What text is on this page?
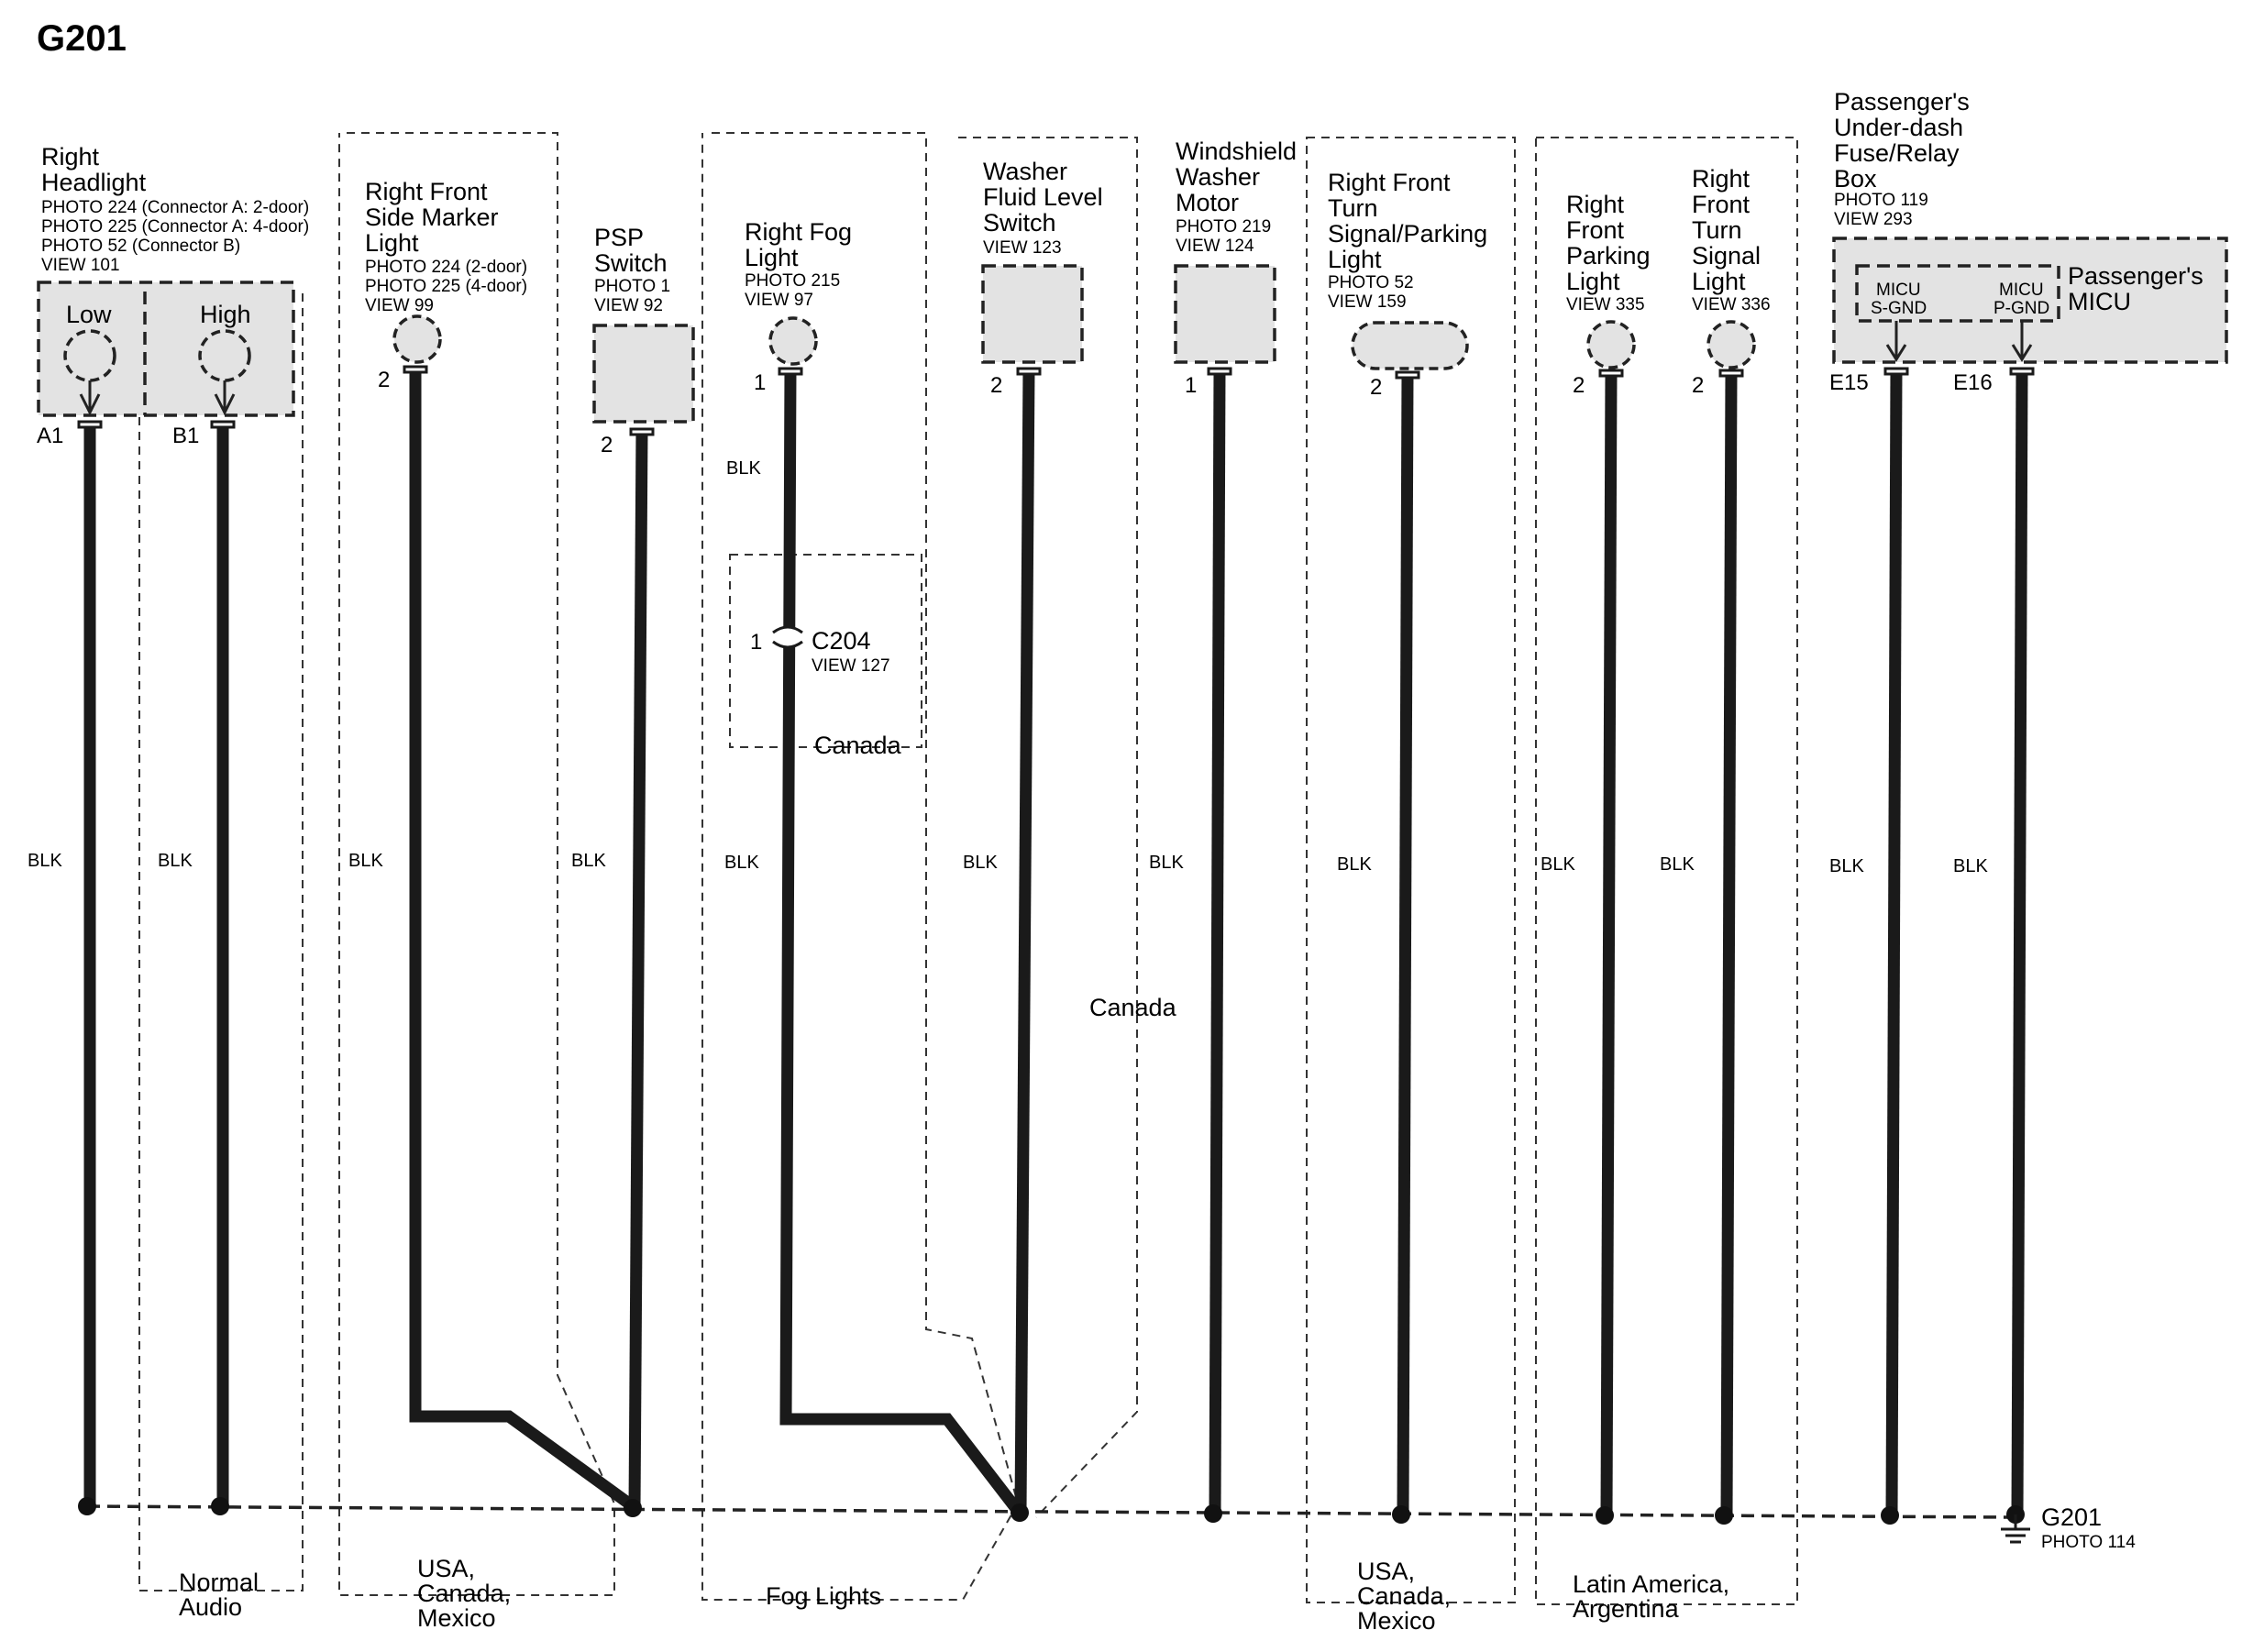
G201
Right
Headlight
PHOTO 224 (Connector A: 2-door)
PHOTO 225 (Connector A: 4-door)
PHOTO 52 (Connector B)
VIEW 101
Low	High
A1	B1
Right Front
Side Marker
Light
PHOTO 224 (2-door)
PHOTO 225 (4-door)
VIEW 99
2
PSP
Switch
PHOTO 1
VIEW 92
2
Right Fog
Light
PHOTO 215
VIEW 97
1
BLK
1 C204
VIEW 127
Canada
Washer
Fluid Level
Switch
VIEW 123
2
Canada
Windshield
Washer
Motor
PHOTO 219
VIEW 124
1
Right Front
Turn
Signal/Parking
Light
PHOTO 52
VIEW 159
2
Right
Front
Parking
Light
VIEW 335
2
Right
Front
Turn
Signal
Light
VIEW 336
2
Passenger's
Under-dash
Fuse/Relay
Box
PHOTO 119
VIEW 293
Passenger's
MICU
MICU
S-GND
MICU
P-GND
E15	E16
G201
PHOTO 114
BLK	BLK	BLK	BLK	BLK	BLK	BLK	BLK	BLK	BLK	BLK	BLK
Normal
Audio
USA,
Canada,
Mexico
Fog Lights
USA,
Canada,
Mexico
Latin America,
Argentina
